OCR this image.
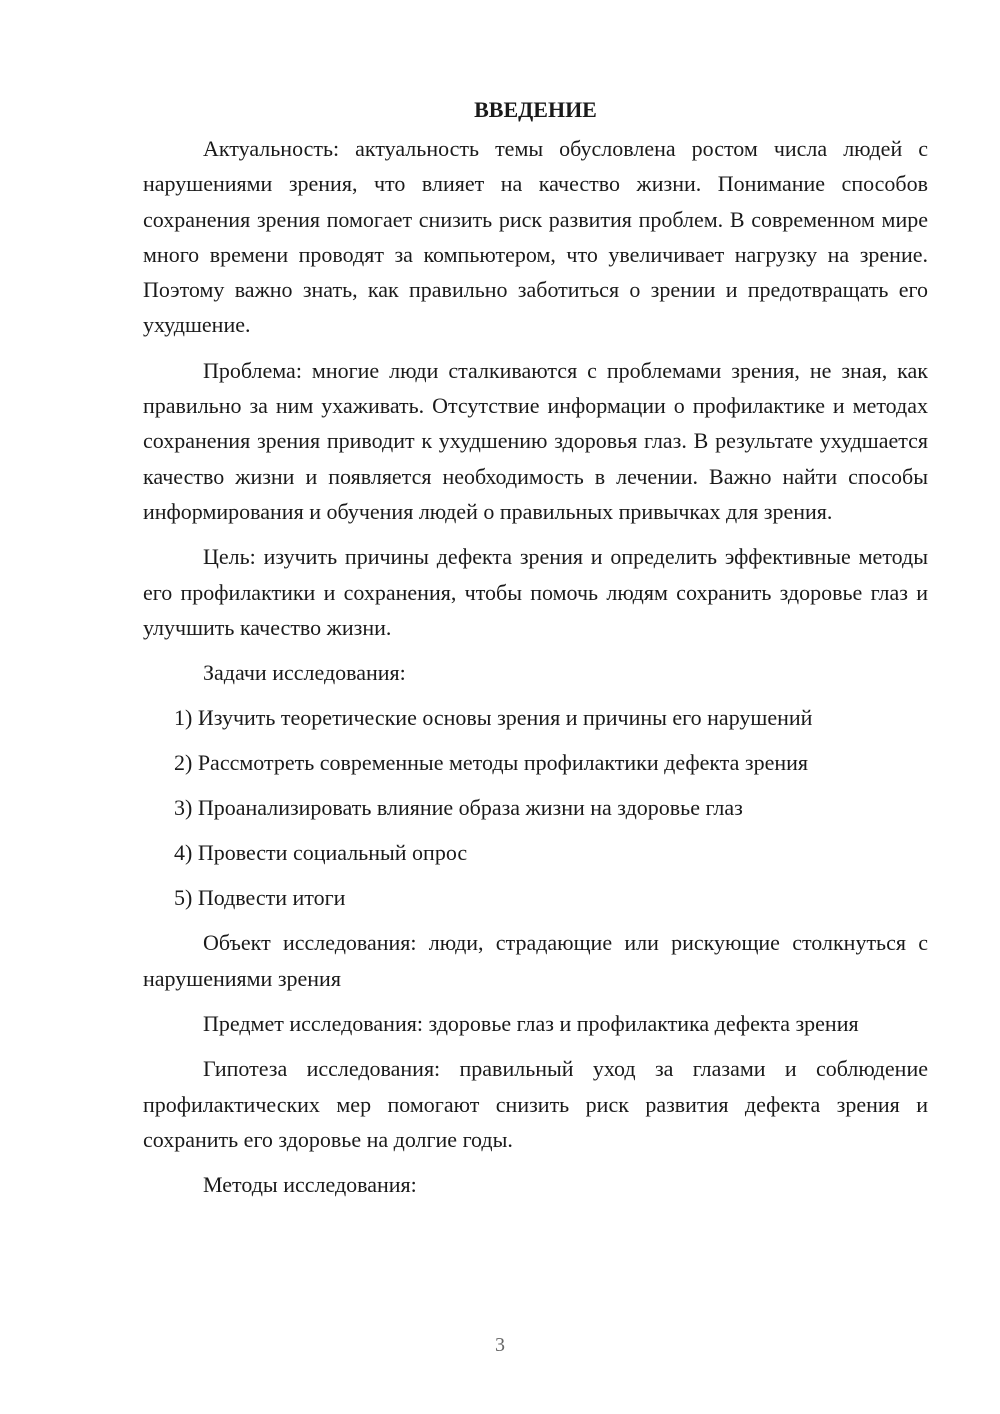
ВВЕДЕНИЕ

Актуальность: актуальность темы обусловлена ростом числа людей с нарушениями зрения, что влияет на качество жизни. Понимание способов сохранения зрения помогает снизить риск развития проблем. В современном мире много времени проводят за компьютером, что увеличивает нагрузку на зрение. Поэтому важно знать, как правильно заботиться о зрении и предотвращать его ухудшение.

Проблема: многие люди сталкиваются с проблемами зрения, не зная, как правильно за ним ухаживать. Отсутствие информации о профилактике и методах сохранения зрения приводит к ухудшению здоровья глаз. В результате ухудшается качество жизни и появляется необходимость в лечении. Важно найти способы информирования и обучения людей о правильных привычках для зрения.

Цель: изучить причины дефекта зрения и определить эффективные методы его профилактики и сохранения, чтобы помочь людям сохранить здоровье глаз и улучшить качество жизни.

Задачи исследования:

1) Изучить теоретические основы зрения и причины его нарушений

2) Рассмотреть современные методы профилактики дефекта зрения

3) Проанализировать влияние образа жизни на здоровье глаз

4) Провести социальный опрос

5) Подвести итоги

Объект исследования: люди, страдающие или рискующие столкнуться с нарушениями зрения

Предмет исследования: здоровье глаз и профилактика дефекта зрения

Гипотеза исследования: правильный уход за глазами и соблюдение профилактических мер помогают снизить риск развития дефекта зрения и сохранить его здоровье на долгие годы.

Методы исследования:

3
